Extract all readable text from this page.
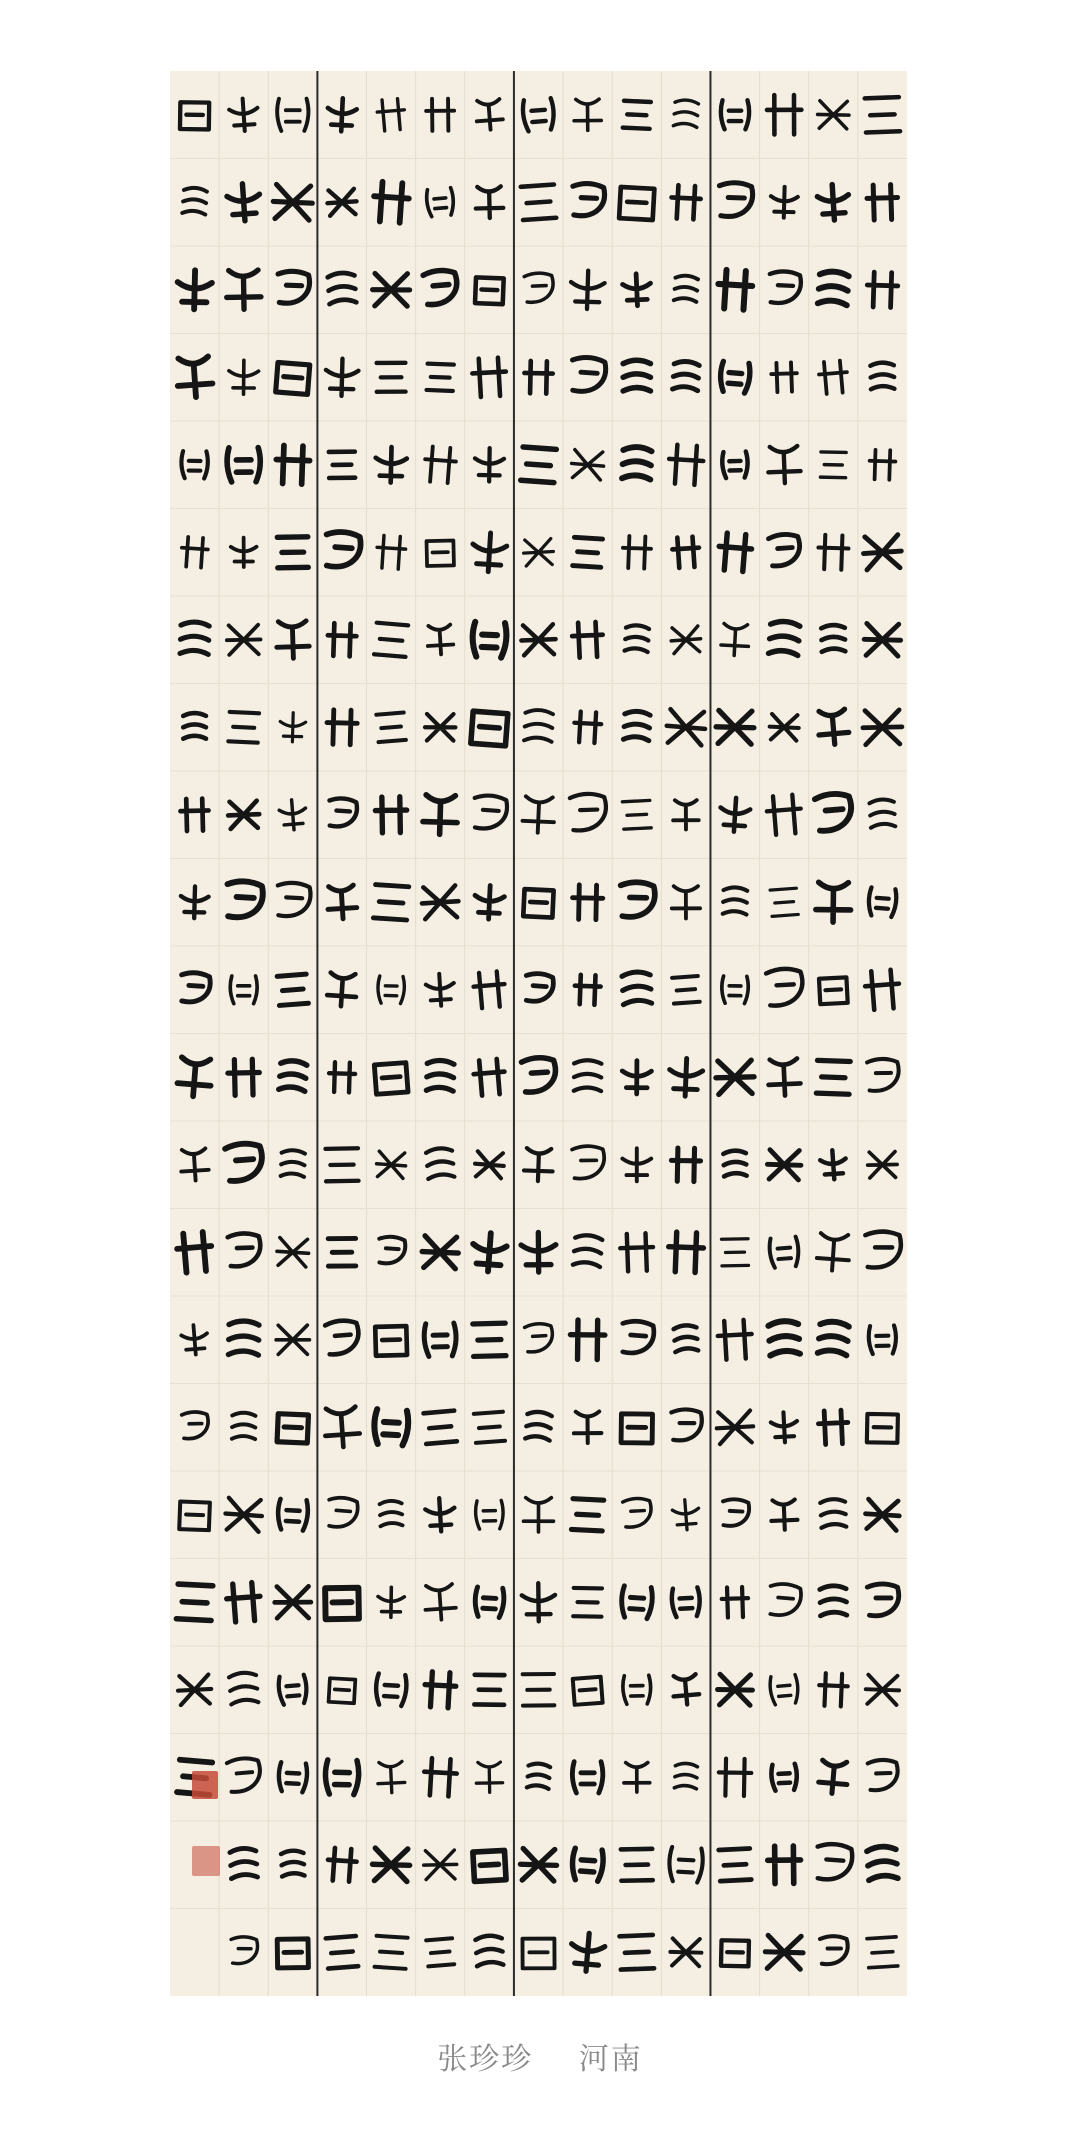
张珍珍 河南
